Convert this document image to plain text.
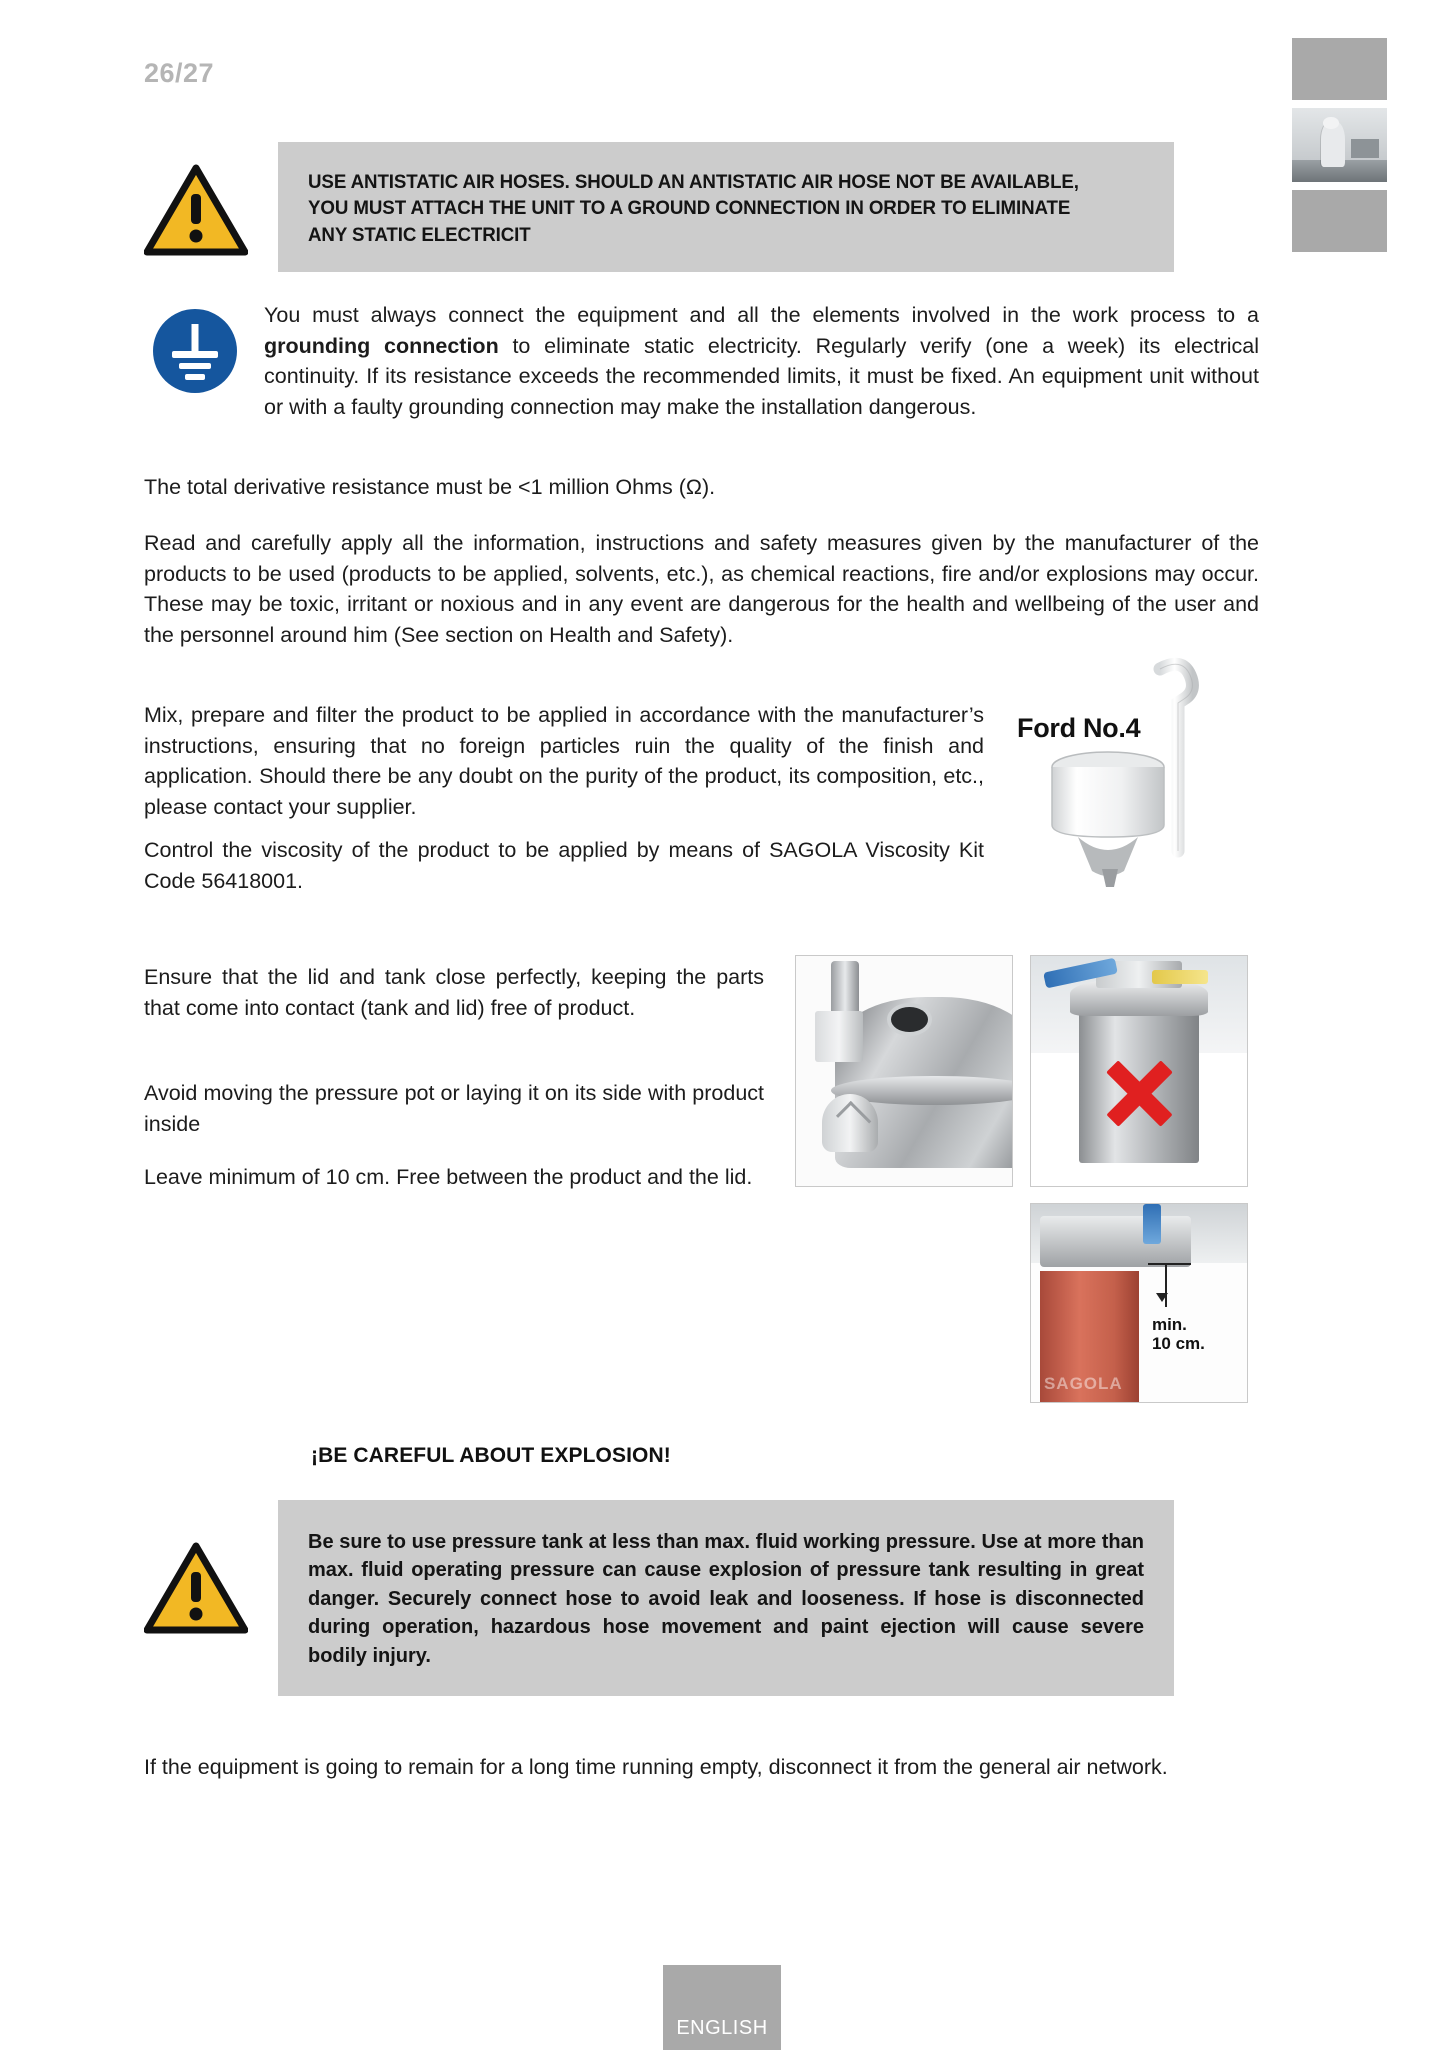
26/27
USE ANTISTATIC AIR HOSES. SHOULD AN ANTISTATIC AIR HOSE NOT BE AVAILABLE, YOU MUST ATTACH THE UNIT TO A GROUND CONNECTION IN ORDER TO ELIMINATE ANY STATIC ELECTRICIT
You must always connect the equipment and all the elements involved in the work process to a grounding connection to eliminate static electricity. Regularly verify (one a week) its electrical continuity. If its resistance exceeds the recommended limits, it must be fixed. An equipment unit without or with a faulty grounding connection may make the installation dangerous.
The total derivative resistance must be <1 million Ohms (Ω).
Read and carefully apply all the information, instructions and safety measures given by the manufacturer of the products to be used (products to be applied, solvents, etc.), as chemical reactions, fire and/or explosions may occur. These may be toxic, irritant or noxious and in any event are dangerous for the health and wellbeing of the user and the personnel around him (See section on Health and Safety).
Mix, prepare and filter the product to be applied in accordance with the manufacturer’s instructions, ensuring that no foreign particles ruin the quality of the finish and application. Should there be any doubt on the purity of the product, its composition, etc., please contact your supplier.
Control the viscosity of the product to be applied by means of SAGOLA Viscosity Kit Code 56418001.
Ford No.4
Ensure that the lid and tank close perfectly, keeping the parts that come into contact (tank and lid) free of product.
Avoid moving the pressure pot or laying it on its side with product inside
Leave minimum of 10 cm. Free between the product and the lid.
min.
10 cm.
SAGOLA
¡BE CAREFUL ABOUT EXPLOSION!
Be sure to use pressure tank at less than max. fluid working pressure. Use at more than max. fluid operating pressure can cause explosion of pressure tank resulting in great danger. Securely connect hose to avoid leak and looseness. If hose is disconnected during operation, hazardous hose movement and paint ejection will cause severe bodily injury.
If the equipment is going to remain for a long time running empty, disconnect it from the general air network.
ENGLISH
